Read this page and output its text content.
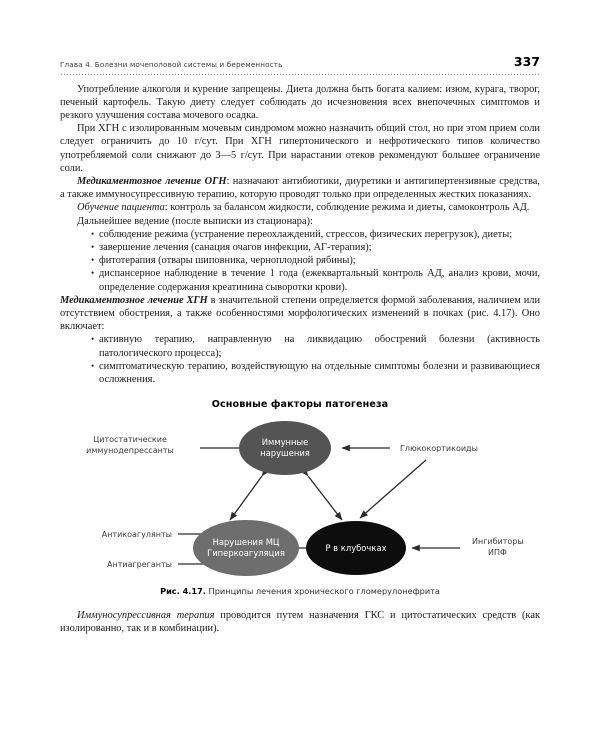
Глава 4. Болезни мочеполовой системы и беременность	337

Употребление алкоголя и курение запрещены. Диета должна быть богата калием: изюм, курага, творог, печеный картофель. Такую диету следует соблюдать до исчезновения всех внепочечных симптомов и резкого улучшения состава мочевого осадка.

При ХГН с изолированным мочевым синдромом можно назначить общий стол, но при этом прием соли следует ограничить до 10 г/сут. При ХГН гипертонического и нефротического типов количество употребляемой соли снижают до 3—5 г/сут. При нарастании отеков рекомендуют большее ограничение соли.

Медикаментозное лечение ОГН: назначают антибиотики, диуретики и антигипертензивные средства, а также иммуносупрессивную терапию, которую проводят только при определенных жестких показаниях.

Обучение пациента: контроль за балансом жидкости, соблюдение режима и диеты, самоконтроль АД.

Дальнейшее ведение (после выписки из стационара):

• соблюдение режима (устранение переохлаждений, стрессов, физических перегрузок), диеты;
• завершение лечения (санация очагов инфекции, АГ-терапия);
• фитотерапия (отвары шиповника, черноплодной рябины);
• диспансерное наблюдение в течение 1 года (ежеквартальный контроль АД, анализ крови, мочи, определение содержания креатинина сыворотки крови).

Медикаментозное лечение ХГН в значительной степени определяется формой заболевания, наличием или отсутствием обострения, а также особенностями морфологических изменений в почках (рис. 4.17). Оно включает:

• активную терапию, направленную на ликвидацию обострений болезни (активность патологического процесса);
• симптоматическую терапию, воздействующую на отдельные симптомы болезни и развивающиеся осложнения.
Основные факторы патогенеза
Иммунные
нарушения
Нарушения МЦ
Гиперкоагуляция	Р в клубочках
Цитостатические
иммунодепрессанты	Глюкокортикоиды
Антикоагулянты
Антиагреганты
Ингибиторы
ИПФ
Рис. 4.17. Принципы лечения хронического гломерулонефрита

Иммуносупрессивная терапия проводится путем назначения ГКС и цитостатических средств (как изолированно, так и в комбинации).
